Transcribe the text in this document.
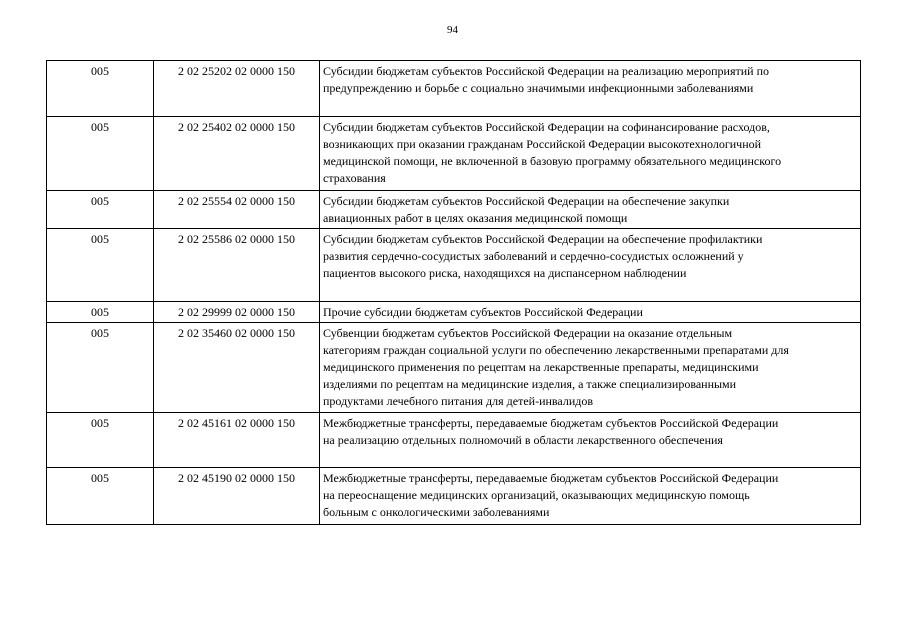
94
005	2 02 25202 02 0000 150	Субсидии бюджетам субъектов Российской Федерации на реализацию мероприятий по
предупреждению и борьбе с социально значимыми инфекционными заболеваниями

005	2 02 25402 02 0000 150	Субсидии бюджетам субъектов Российской Федерации на софинансирование расходов,
возникающих при оказании гражданам Российской Федерации высокотехнологичной
медицинской помощи, не включенной в базовую программу обязательного медицинского
страхования

005	2 02 25554 02 0000 150	Субсидии бюджетам субъектов Российской Федерации на обеспечение закупки
авиационных работ в целях оказания медицинской помощи

005	2 02 25586 02 0000 150	Субсидии бюджетам субъектов Российской Федерации на обеспечение профилактики
развития сердечно-сосудистых заболеваний и сердечно-сосудистых осложнений у
пациентов высокого риска, находящихся на диспансерном наблюдении

005	2 02 29999 02 0000 150	Прочие субсидии бюджетам субъектов Российской Федерации

005	2 02 35460 02 0000 150	Субвенции бюджетам субъектов Российской Федерации на оказание отдельным
категориям граждан социальной услуги по обеспечению лекарственными препаратами для
медицинского применения по рецептам на лекарственные препараты, медицинскими
изделиями по рецептам на медицинские изделия, а также специализированными
продуктами лечебного питания для детей-инвалидов

005	2 02 45161 02 0000 150	Межбюджетные трансферты, передаваемые бюджетам субъектов Российской Федерации
на реализацию отдельных полномочий в области лекарственного обеспечения

005	2 02 45190 02 0000 150	Межбюджетные трансферты, передаваемые бюджетам субъектов Российской Федерации
на переоснащение медицинских организаций, оказывающих медицинскую помощь
больным с онкологическими заболеваниями
